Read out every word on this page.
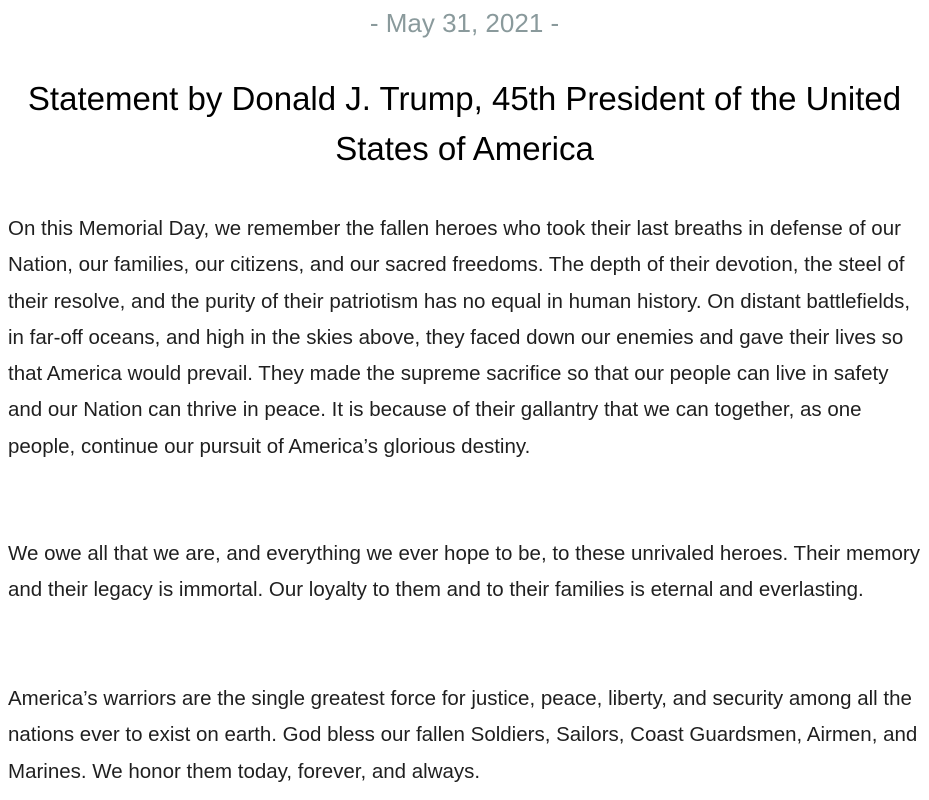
- May 31, 2021 -
Statement by Donald J. Trump, 45th President of the United States of America

On this Memorial Day, we remember the fallen heroes who took their last breaths in defense of our Nation, our families, our citizens, and our sacred freedoms. The depth of their devotion, the steel of their resolve, and the purity of their patriotism has no equal in human history. On distant battlefields, in far-off oceans, and high in the skies above, they faced down our enemies and gave their lives so that America would prevail. They made the supreme sacrifice so that our people can live in safety and our Nation can thrive in peace. It is because of their gallantry that we can together, as one people, continue our pursuit of America’s glorious destiny.

We owe all that we are, and everything we ever hope to be, to these unrivaled heroes. Their memory and their legacy is immortal. Our loyalty to them and to their families is eternal and everlasting.

America’s warriors are the single greatest force for justice, peace, liberty, and security among all the nations ever to exist on earth. God bless our fallen Soldiers, Sailors, Coast Guardsmen, Airmen, and Marines. We honor them today, forever, and always.
